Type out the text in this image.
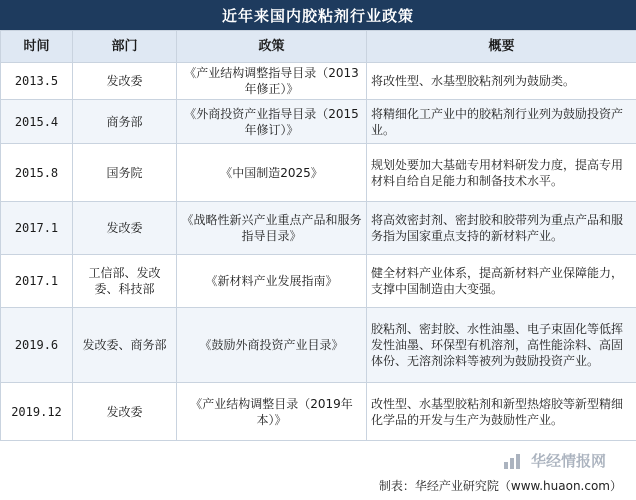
近年来国内胶粘剂行业政策
时间	部门	政策	概要
2013.5	发改委	《产业结构调整指导目录（2013年修正）》	将改性型、水基型胶粘剂列为鼓励类。
2015.4	商务部	《外商投资产业指导目录（2015年修订）》	将精细化工产业中的胶粘剂行业列为鼓励投资产业。
2015.8	国务院	《中国制造2025》	规划处要加大基础专用材料研发力度，提高专用材料自给自足能力和制备技术水平。
2017.1	发改委	《战略性新兴产业重点产品和服务指导目录》	将高效密封剂、密封胶和胶带列为重点产品和服务指为国家重点支持的新材料产业。
2017.1	工信部、发改委、科技部	《新材料产业发展指南》	健全材料产业体系，提高新材料产业保障能力，支撑中国制造由大变强。
2019.6	发改委、商务部	《鼓励外商投资产业目录》	胶粘剂、密封胶、水性油墨、电子束固化等低挥发性油墨、环保型有机溶剂，高性能涂料、高固体份、无溶剂涂料等被列为鼓励投资产业。
2019.12	发改委	《产业结构调整目录（2019年本）》	改性型、水基型胶粘剂和新型热熔胶等新型精细化学品的开发与生产为鼓励性产业。
华经情报网
制表：华经产业研究院（www.huaon.com）
